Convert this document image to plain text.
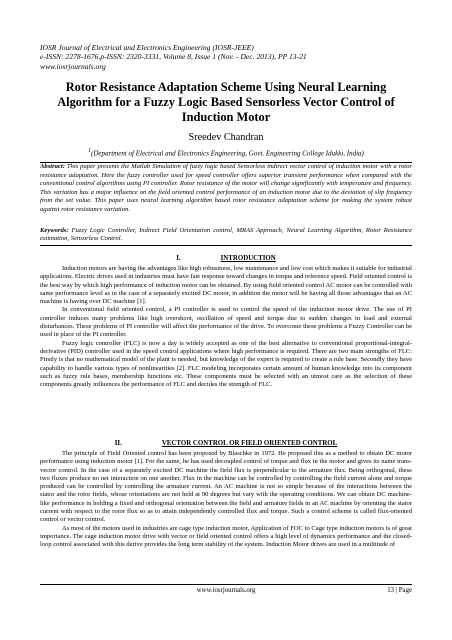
IOSR Journal of Electrical and Electronics Engineering (IOSR-JEEE)
e-ISSN: 2278-1676,p-ISSN: 2320-3331, Volume 8, Issue 1 (Nov. - Dec. 2013), PP 13-21
www.iosrjournals.org
Rotor Resistance Adaptation Scheme Using Neural Learning Algorithm for a Fuzzy Logic Based Sensorless Vector Control of Induction Motor
Sreedev Chandran
$^1$(Department of Electrical and Electronics Engineering, Govt. Engineering College Idukki, India)
Abstract: This paper presents the Matlab Simulation of fuzzy logic based Sensorless indirect vector control of induction motor with a rotor resistance adaptation. Here the fuzzy controller used for speed controller offers superior transient performance when compared with the conventional control algorithms using PI controller. Rotor resistance of the motor will change significantly with temperature and frequency. This variation has a major influence on the field oriented control performance of an induction motor due to the deviation of slip frequency from the set value. This paper uses neural learning algorithm based rotor resistance adaptation scheme for making the system robust against rotor resistance variation.
Keywords: Fuzzy Logic Controller, Indirect Field Orientation control, MRAS Approach, Neural Learning Algorithm, Rotor Resistance estimation, Sensorless Control.
I.	INTRODUCTION

Induction motors are having the advantages like high robustness, low maintenance and low cost which makes it suitable for industrial applications. Electric drives used in industries must have fast response toward changes in torque and reference speed. Field oriented control is the best way by which high performance of induction motor can be obtained. By using field oriented control AC motor can be controlled with same performance level as in the case of a separately excited DC motor, in addition the motor will be having all those advantages that an AC machine is having over DC machine [1].

In conventional field oriented control, a PI controller is used to control the speed of the induction motor drive. The use of PI controller induces many problems like high overshoot, oscillation of speed and torque due to sudden changes in load and external disturbances. These problems of PI controller will affect the performance of the drive. To overcome these problems a Fuzzy Controller can be used in place of the PI controller.

Fuzzy logic controller (FLC) is now a day is widely accepted as one of the best alternative to conventional proportional-integral-derivative (PID) controller used in the speed control applications where high performance is required. There are two main strengths of FLC: Firstly is that no mathematical model of the plant is needed, but knowledge of the expert is required to create a rule base. Secondly they have capability to handle various types of nonlinearities [2]. FLC modeling incorporates certain amount of human knowledge into its component such as fuzzy rule bases, membership functions etc. These components must be selected with an utmost care as the selection of these components greatly influences the performance of FLC and decides the strength of FLC.

II.	VECTOR CONTROL OR FIELD ORIENTED CONTROL

The principle of Field Oriented control has been proposed by Blaschke in 1972. He proposed this as a method to obtain DC motor performance using induction motor [1]. For the same, he has used decoupled control of torque and flux in the motor and gives its name trans-vector control. In the case of a separately excited DC machine the field flux is perpendicular to the armature flux. Being orthogonal, these two fluxes produce no net interaction on one another. Flux in the machine can be controlled by controlling the field current alone and torque produced can be controlled by controlling the armature current. An AC machine is not so simple because of the interactions between the stator and the rotor fields, whose orientations are not held at 90 degrees but vary with the operating conditions. We can obtain DC machine-like performance in holding a fixed and orthogonal orientation between the field and armature fields in an AC machine by orienting the stator current with respect to the rotor flux so as to attain independently controlled flux and torque. Such a control scheme is called flux-oriented control or vector control.

As most of the motors used in industries are cage type induction motor, Application of FOC to Cage type induction motors is of great importance. The cage induction motor drive with vector or field oriented control offers a high level of dynamics performance and the closed-loop control associated with this derive provides the long term stability of the system. Induction Motor drives are used in a multitude of

www.iosrjournals.org	13 | Page
